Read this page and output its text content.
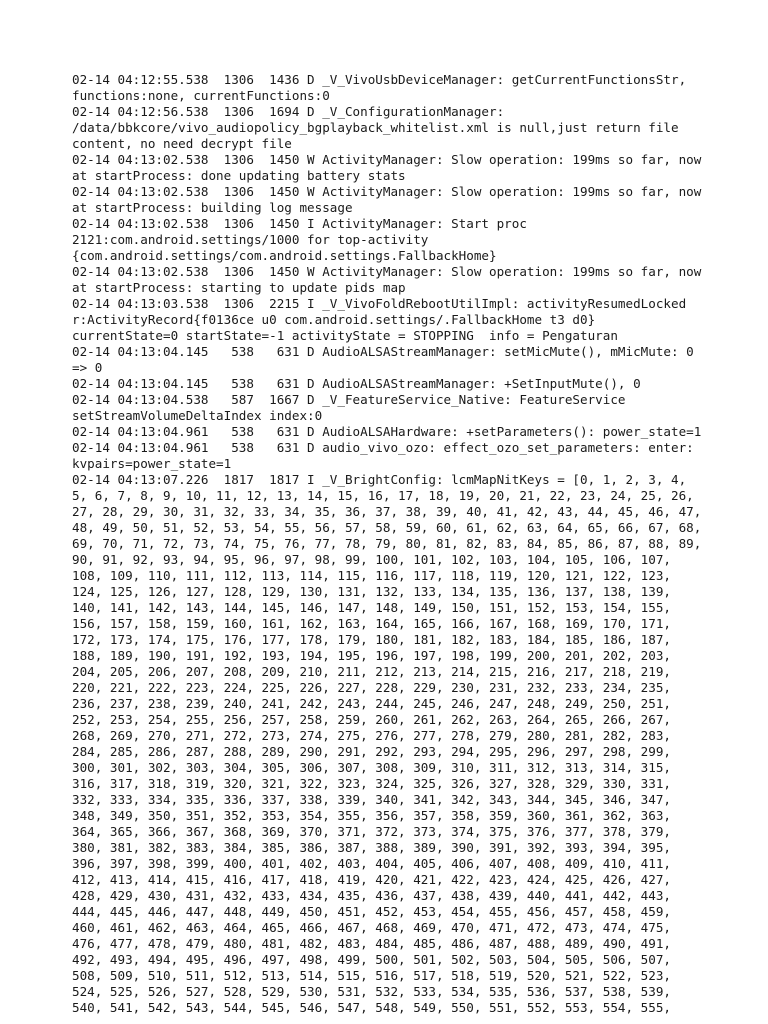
02-14 04:12:55.538  1306  1436 D _V_VivoUsbDeviceManager: getCurrentFunctionsStr,
functions:none, currentFunctions:0
02-14 04:12:56.538  1306  1694 D _V_ConfigurationManager:
/data/bbkcore/vivo_audiopolicy_bgplayback_whitelist.xml is null,just return file
content, no need decrypt file
02-14 04:13:02.538  1306  1450 W ActivityManager: Slow operation: 199ms so far, now
at startProcess: done updating battery stats
02-14 04:13:02.538  1306  1450 W ActivityManager: Slow operation: 199ms so far, now
at startProcess: building log message
02-14 04:13:02.538  1306  1450 I ActivityManager: Start proc
2121:com.android.settings/1000 for top-activity
{com.android.settings/com.android.settings.FallbackHome}
02-14 04:13:02.538  1306  1450 W ActivityManager: Slow operation: 199ms so far, now
at startProcess: starting to update pids map
02-14 04:13:03.538  1306  2215 I _V_VivoFoldRebootUtilImpl: activityResumedLocked
r:ActivityRecord{f0136ce u0 com.android.settings/.FallbackHome t3 d0}
currentState=0 startState=-1 activityState = STOPPING  info = Pengaturan
02-14 04:13:04.145   538   631 D AudioALSAStreamManager: setMicMute(), mMicMute: 0
=> 0
02-14 04:13:04.145   538   631 D AudioALSAStreamManager: +SetInputMute(), 0
02-14 04:13:04.538   587  1667 D _V_FeatureService_Native: FeatureService
setStreamVolumeDeltaIndex index:0
02-14 04:13:04.961   538   631 D AudioALSAHardware: +setParameters(): power_state=1
02-14 04:13:04.961   538   631 D audio_vivo_ozo: effect_ozo_set_parameters: enter:
kvpairs=power_state=1
02-14 04:13:07.226  1817  1817 I _V_BrightConfig: lcmMapNitKeys = [0, 1, 2, 3, 4,
5, 6, 7, 8, 9, 10, 11, 12, 13, 14, 15, 16, 17, 18, 19, 20, 21, 22, 23, 24, 25, 26,
27, 28, 29, 30, 31, 32, 33, 34, 35, 36, 37, 38, 39, 40, 41, 42, 43, 44, 45, 46, 47,
48, 49, 50, 51, 52, 53, 54, 55, 56, 57, 58, 59, 60, 61, 62, 63, 64, 65, 66, 67, 68,
69, 70, 71, 72, 73, 74, 75, 76, 77, 78, 79, 80, 81, 82, 83, 84, 85, 86, 87, 88, 89,
90, 91, 92, 93, 94, 95, 96, 97, 98, 99, 100, 101, 102, 103, 104, 105, 106, 107,
108, 109, 110, 111, 112, 113, 114, 115, 116, 117, 118, 119, 120, 121, 122, 123,
124, 125, 126, 127, 128, 129, 130, 131, 132, 133, 134, 135, 136, 137, 138, 139,
140, 141, 142, 143, 144, 145, 146, 147, 148, 149, 150, 151, 152, 153, 154, 155,
156, 157, 158, 159, 160, 161, 162, 163, 164, 165, 166, 167, 168, 169, 170, 171,
172, 173, 174, 175, 176, 177, 178, 179, 180, 181, 182, 183, 184, 185, 186, 187,
188, 189, 190, 191, 192, 193, 194, 195, 196, 197, 198, 199, 200, 201, 202, 203,
204, 205, 206, 207, 208, 209, 210, 211, 212, 213, 214, 215, 216, 217, 218, 219,
220, 221, 222, 223, 224, 225, 226, 227, 228, 229, 230, 231, 232, 233, 234, 235,
236, 237, 238, 239, 240, 241, 242, 243, 244, 245, 246, 247, 248, 249, 250, 251,
252, 253, 254, 255, 256, 257, 258, 259, 260, 261, 262, 263, 264, 265, 266, 267,
268, 269, 270, 271, 272, 273, 274, 275, 276, 277, 278, 279, 280, 281, 282, 283,
284, 285, 286, 287, 288, 289, 290, 291, 292, 293, 294, 295, 296, 297, 298, 299,
300, 301, 302, 303, 304, 305, 306, 307, 308, 309, 310, 311, 312, 313, 314, 315,
316, 317, 318, 319, 320, 321, 322, 323, 324, 325, 326, 327, 328, 329, 330, 331,
332, 333, 334, 335, 336, 337, 338, 339, 340, 341, 342, 343, 344, 345, 346, 347,
348, 349, 350, 351, 352, 353, 354, 355, 356, 357, 358, 359, 360, 361, 362, 363,
364, 365, 366, 367, 368, 369, 370, 371, 372, 373, 374, 375, 376, 377, 378, 379,
380, 381, 382, 383, 384, 385, 386, 387, 388, 389, 390, 391, 392, 393, 394, 395,
396, 397, 398, 399, 400, 401, 402, 403, 404, 405, 406, 407, 408, 409, 410, 411,
412, 413, 414, 415, 416, 417, 418, 419, 420, 421, 422, 423, 424, 425, 426, 427,
428, 429, 430, 431, 432, 433, 434, 435, 436, 437, 438, 439, 440, 441, 442, 443,
444, 445, 446, 447, 448, 449, 450, 451, 452, 453, 454, 455, 456, 457, 458, 459,
460, 461, 462, 463, 464, 465, 466, 467, 468, 469, 470, 471, 472, 473, 474, 475,
476, 477, 478, 479, 480, 481, 482, 483, 484, 485, 486, 487, 488, 489, 490, 491,
492, 493, 494, 495, 496, 497, 498, 499, 500, 501, 502, 503, 504, 505, 506, 507,
508, 509, 510, 511, 512, 513, 514, 515, 516, 517, 518, 519, 520, 521, 522, 523,
524, 525, 526, 527, 528, 529, 530, 531, 532, 533, 534, 535, 536, 537, 538, 539,
540, 541, 542, 543, 544, 545, 546, 547, 548, 549, 550, 551, 552, 553, 554, 555,
